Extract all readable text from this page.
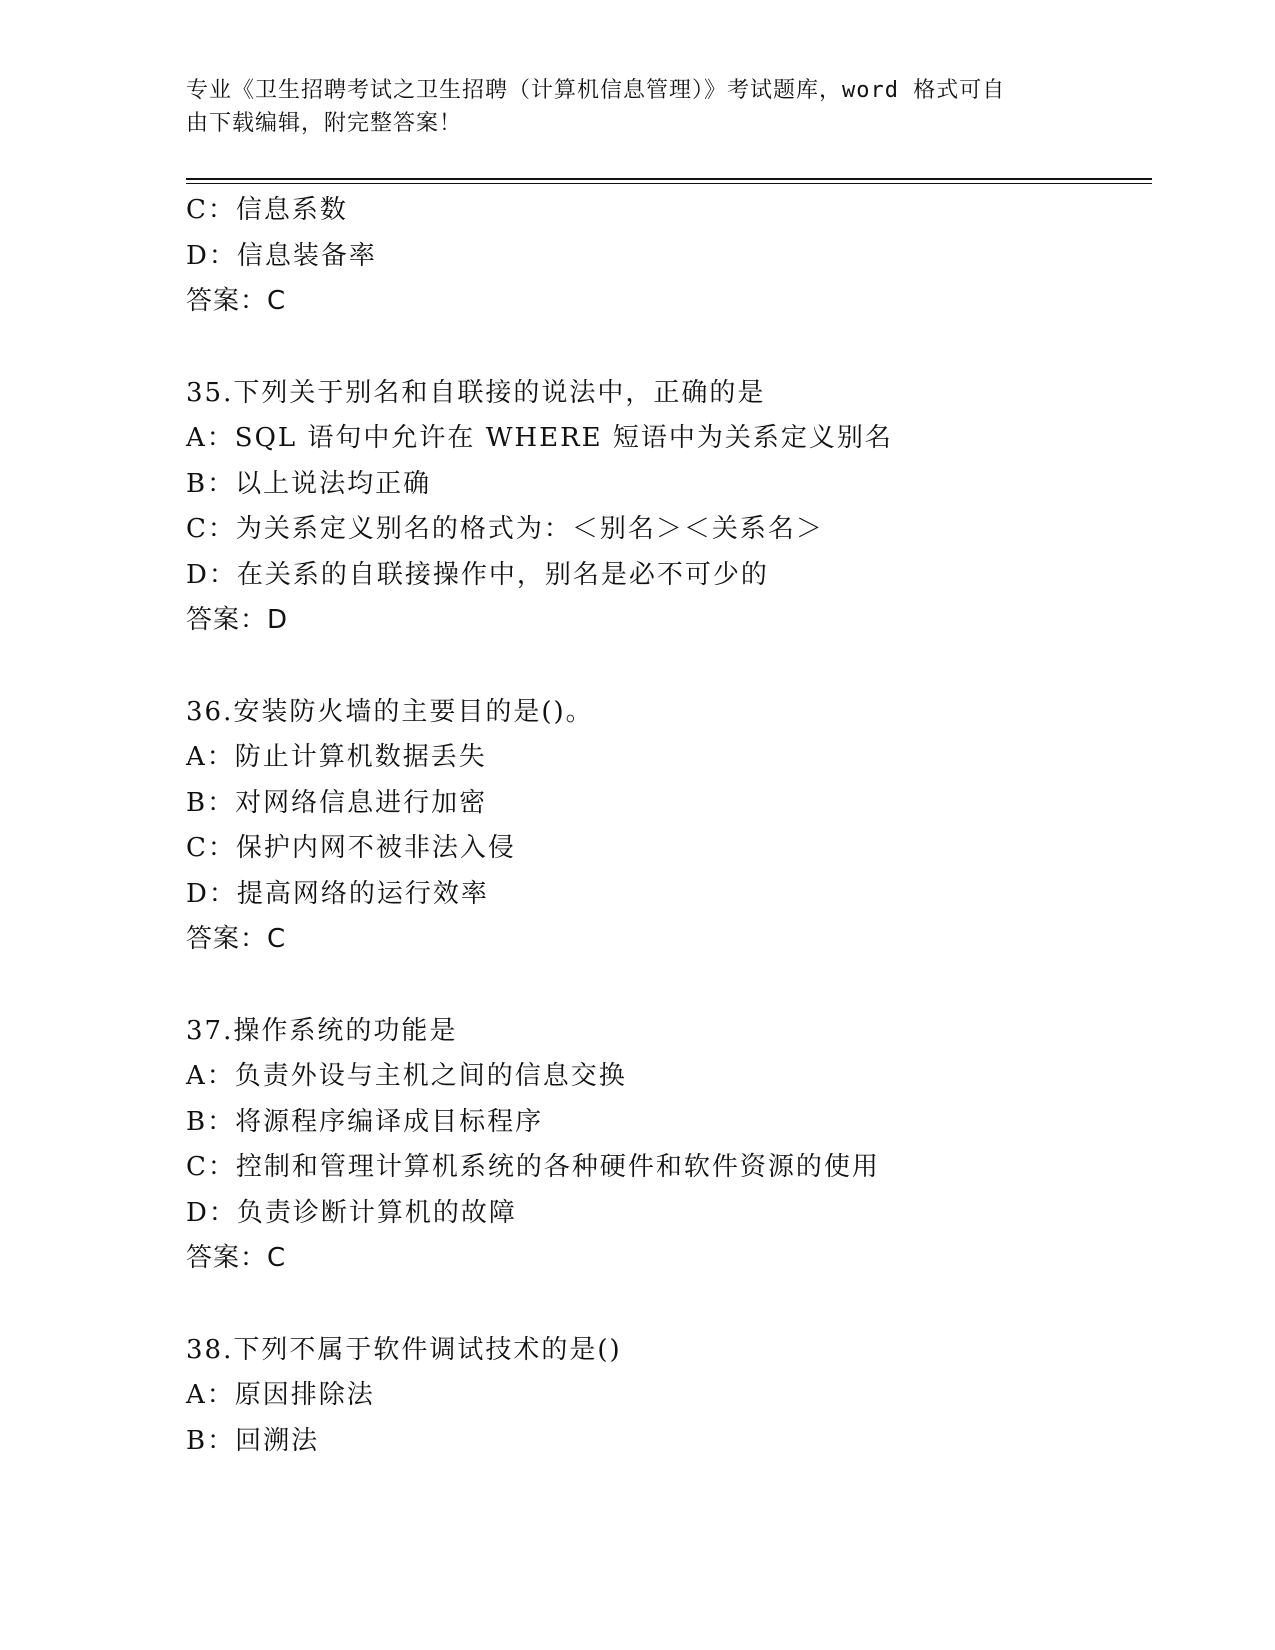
专业《卫生招聘考试之卫生招聘（计算机信息管理）》考试题库，word 格式可自
由下载编辑，附完整答案！
C：信息系数
D：信息装备率
答案：C
35.下列关于别名和自联接的说法中，正确的是
A：SQL 语句中允许在 WHERE 短语中为关系定义别名
B：以上说法均正确
C：为关系定义别名的格式为：＜别名＞＜关系名＞
D：在关系的自联接操作中，别名是必不可少的
答案：D
36.安装防火墙的主要目的是()。
A：防止计算机数据丢失
B：对网络信息进行加密
C：保护内网不被非法入侵
D：提高网络的运行效率
答案：C
37.操作系统的功能是
A：负责外设与主机之间的信息交换
B：将源程序编译成目标程序
C：控制和管理计算机系统的各种硬件和软件资源的使用
D：负责诊断计算机的故障
答案：C
38.下列不属于软件调试技术的是()
A：原因排除法
B：回溯法
